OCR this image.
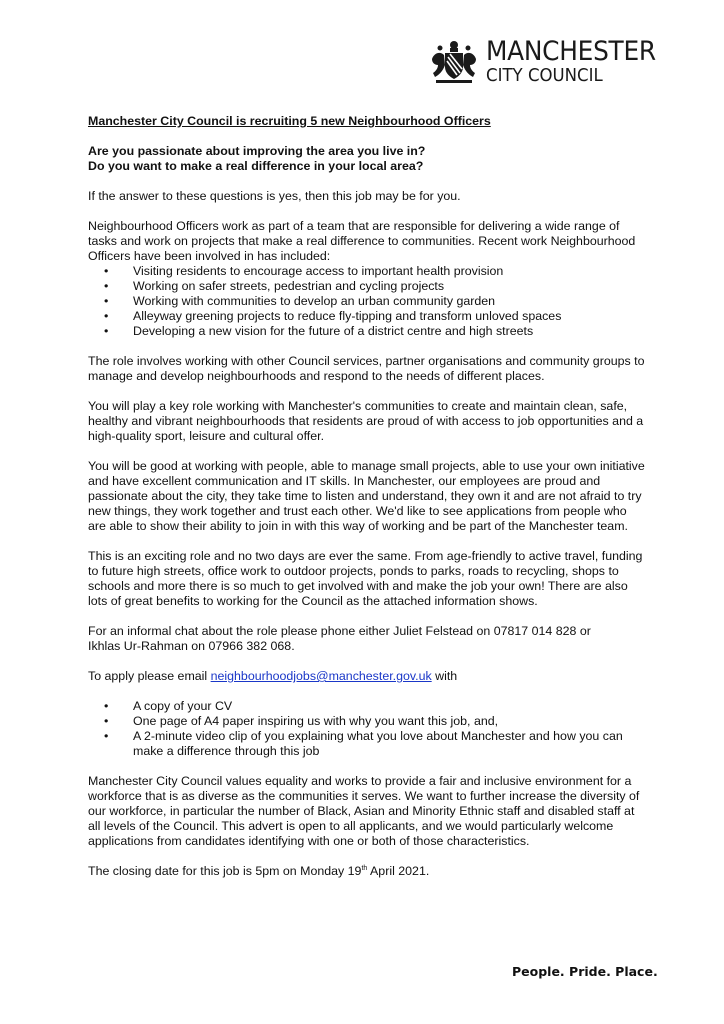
MANCHESTER
CITY COUNCIL

Manchester City Council is recruiting 5 new Neighbourhood Officers

Are you passionate about improving the area you live in?

Do you want to make a real difference in your local area?

If the answer to these questions is yes, then this job may be for you.

Neighbourhood Officers work as part of a team that are responsible for delivering a wide range of tasks and work on projects that make a real difference to communities. Recent work Neighbourhood Officers have been involved in has included:

• Visiting residents to encourage access to important health provision
• Working on safer streets, pedestrian and cycling projects
• Working with communities to develop an urban community garden
• Alleyway greening projects to reduce fly-tipping and transform unloved spaces
• Developing a new vision for the future of a district centre and high streets

The role involves working with other Council services, partner organisations and community groups to manage and develop neighbourhoods and respond to the needs of different places.

You will play a key role working with Manchester's communities to create and maintain clean, safe, healthy and vibrant neighbourhoods that residents are proud of with access to job opportunities and a high-quality sport, leisure and cultural offer.

You will be good at working with people, able to manage small projects, able to use your own initiative and have excellent communication and IT skills. In Manchester, our employees are proud and passionate about the city, they take time to listen and understand, they own it and are not afraid to try new things, they work together and trust each other. We'd like to see applications from people who are able to show their ability to join in with this way of working and be part of the Manchester team.

This is an exciting role and no two days are ever the same. From age-friendly to active travel, funding to future high streets, office work to outdoor projects, ponds to parks, roads to recycling, shops to schools and more there is so much to get involved with and make the job your own! There are also lots of great benefits to working for the Council as the attached information shows.

For an informal chat about the role please phone either Juliet Felstead on 07817 014 828 or
Ikhlas Ur-Rahman on 07966 382 068.

To apply please email neighbourhoodjobs@manchester.gov.uk with

• A copy of your CV
• One page of A4 paper inspiring us with why you want this job, and,
• A 2-minute video clip of you explaining what you love about Manchester and how you can make a difference through this job

Manchester City Council values equality and works to provide a fair and inclusive environment for a workforce that is as diverse as the communities it serves. We want to further increase the diversity of our workforce, in particular the number of Black, Asian and Minority Ethnic staff and disabled staff at all levels of the Council. This advert is open to all applicants, and we would particularly welcome applications from candidates identifying with one or both of those characteristics.

The closing date for this job is 5pm on Monday 19th April 2021.

People. Pride. Place.
